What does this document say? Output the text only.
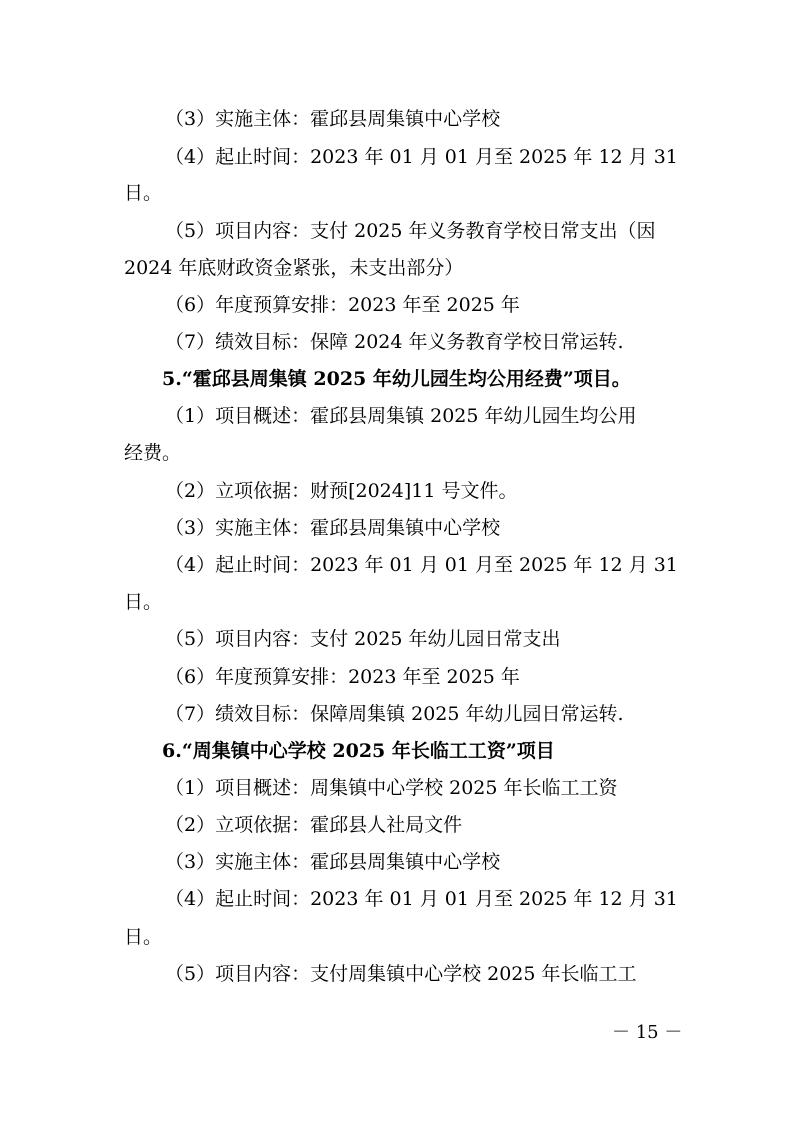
（3）实施主体：霍邱县周集镇中心学校
（4）起止时间：2023 年 01 月 01 月至 2025 年 12 月 31
日。
（5）项目内容：支付 2025 年义务教育学校日常支出（因
2024 年底财政资金紧张，未支出部分）
（6）年度预算安排：2023 年至 2025 年
（7）绩效目标：保障 2024 年义务教育学校日常运转.
5.“霍邱县周集镇 2025 年幼儿园生均公用经费”项目。
（1）项目概述：霍邱县周集镇 2025 年幼儿园生均公用
经费。
（2）立项依据：财预[2024]11 号文件。
（3）实施主体：霍邱县周集镇中心学校
（4）起止时间：2023 年 01 月 01 月至 2025 年 12 月 31
日。
（5）项目内容：支付 2025 年幼儿园日常支出
（6）年度预算安排：2023 年至 2025 年
（7）绩效目标：保障周集镇 2025 年幼儿园日常运转.
6.“周集镇中心学校 2025 年长临工工资”项目
（1）项目概述：周集镇中心学校 2025 年长临工工资
（2）立项依据：霍邱县人社局文件
（3）实施主体：霍邱县周集镇中心学校
（4）起止时间：2023 年 01 月 01 月至 2025 年 12 月 31
日。
（5）项目内容：支付周集镇中心学校 2025 年长临工工
－ 15 －
